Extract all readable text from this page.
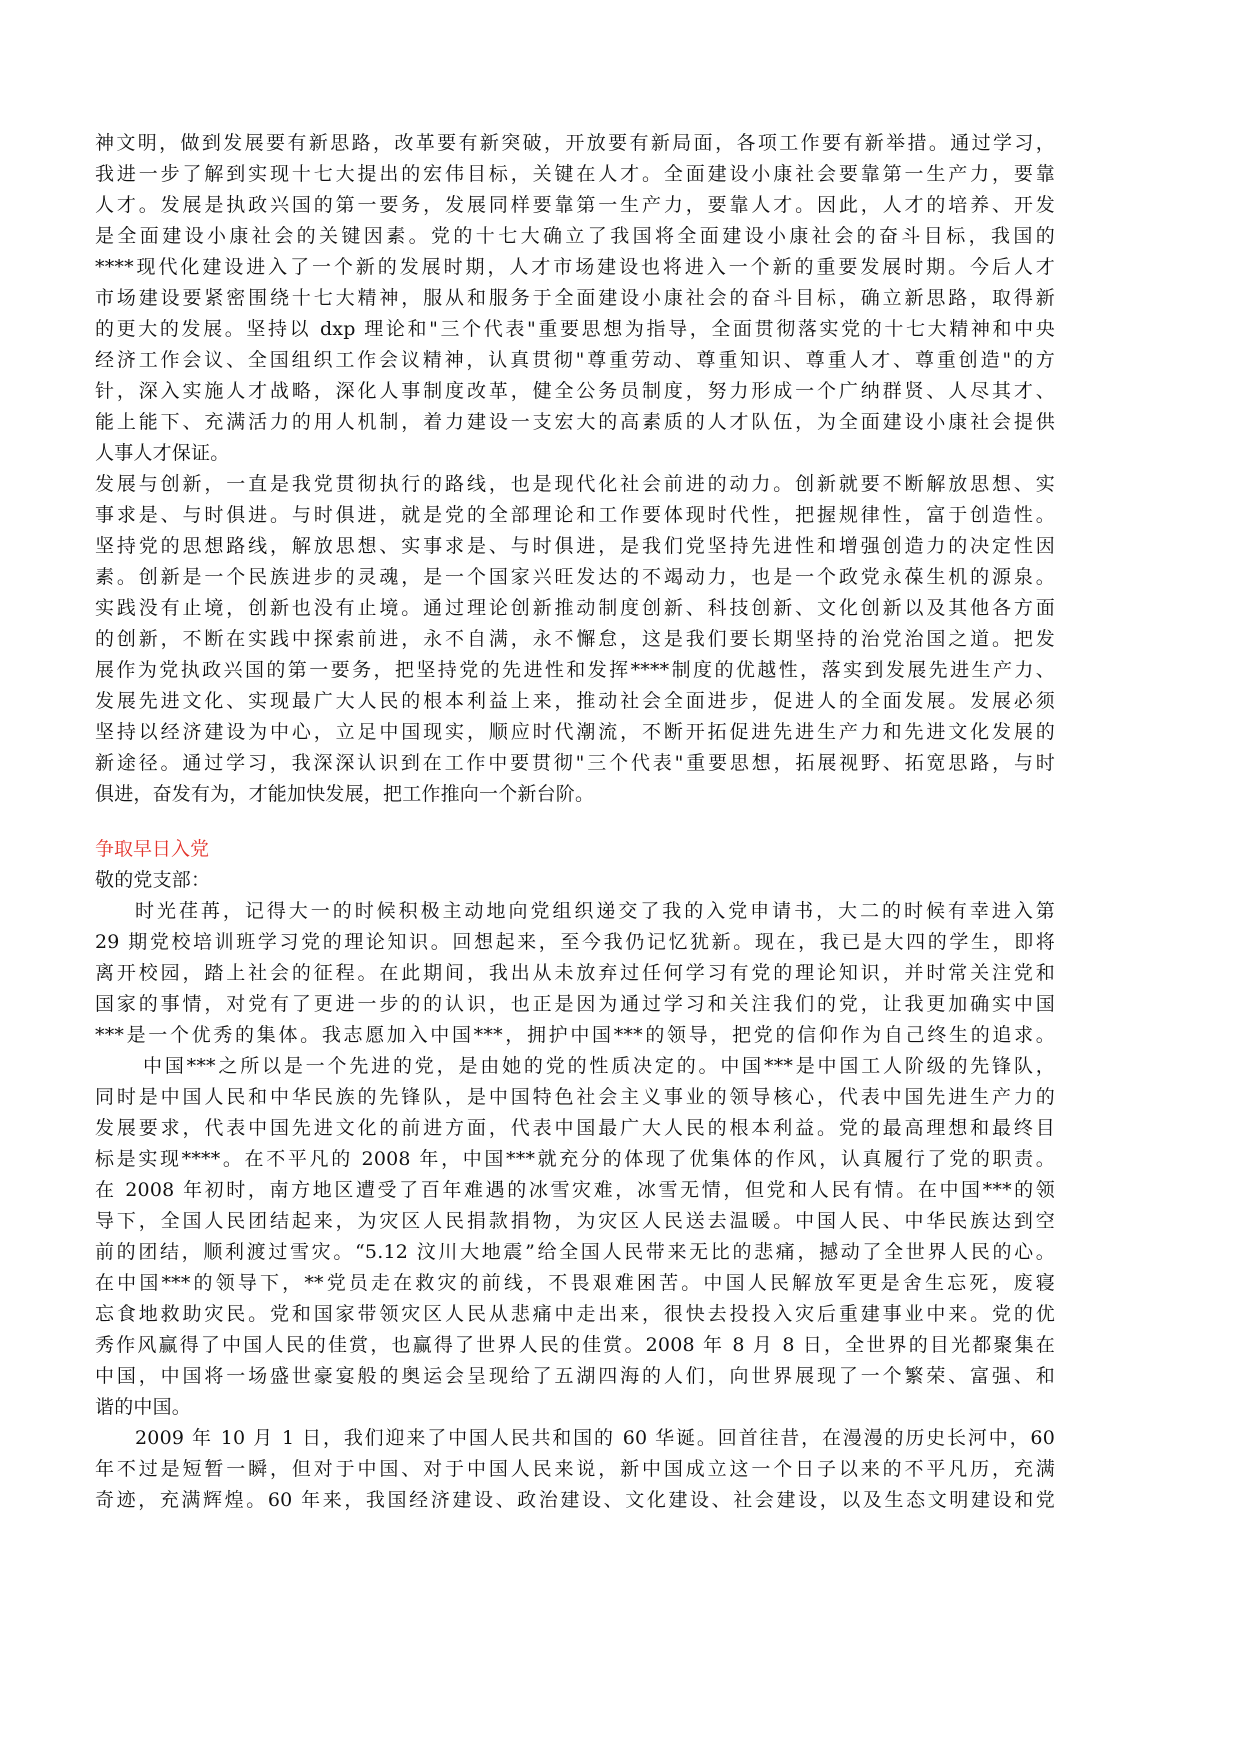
神文明，做到发展要有新思路，改革要有新突破，开放要有新局面，各项工作要有新举措。通过学习，
我进一步了解到实现十七大提出的宏伟目标，关键在人才。全面建设小康社会要靠第一生产力，要靠
人才。发展是执政兴国的第一要务，发展同样要靠第一生产力，要靠人才。因此，人才的培养、开发
是全面建设小康社会的关键因素。党的十七大确立了我国将全面建设小康社会的奋斗目标，我国的
****现代化建设进入了一个新的发展时期，人才市场建设也将进入一个新的重要发展时期。今后人才
市场建设要紧密围绕十七大精神，服从和服务于全面建设小康社会的奋斗目标，确立新思路，取得新
的更大的发展。坚持以 dxp 理论和"三个代表"重要思想为指导，全面贯彻落实党的十七大精神和中央
经济工作会议、全国组织工作会议精神，认真贯彻"尊重劳动、尊重知识、尊重人才、尊重创造"的方
针，深入实施人才战略，深化人事制度改革，健全公务员制度，努力形成一个广纳群贤、人尽其才、
能上能下、充满活力的用人机制，着力建设一支宏大的高素质的人才队伍，为全面建设小康社会提供
人事人才保证。
发展与创新，一直是我党贯彻执行的路线，也是现代化社会前进的动力。创新就要不断解放思想、实
事求是、与时俱进。与时俱进，就是党的全部理论和工作要体现时代性，把握规律性，富于创造性。
坚持党的思想路线，解放思想、实事求是、与时俱进，是我们党坚持先进性和增强创造力的决定性因
素。创新是一个民族进步的灵魂，是一个国家兴旺发达的不竭动力，也是一个政党永葆生机的源泉。
实践没有止境，创新也没有止境。通过理论创新推动制度创新、科技创新、文化创新以及其他各方面
的创新，不断在实践中探索前进，永不自满，永不懈怠，这是我们要长期坚持的治党治国之道。把发
展作为党执政兴国的第一要务，把坚持党的先进性和发挥****制度的优越性，落实到发展先进生产力、
发展先进文化、实现最广大人民的根本利益上来，推动社会全面进步，促进人的全面发展。发展必须
坚持以经济建设为中心，立足中国现实，顺应时代潮流，不断开拓促进先进生产力和先进文化发展的
新途径。通过学习，我深深认识到在工作中要贯彻"三个代表"重要思想，拓展视野、拓宽思路，与时
俱进，奋发有为，才能加快发展，把工作推向一个新台阶。
争取早日入党
敬的党支部：
时光荏苒，记得大一的时候积极主动地向党组织递交了我的入党申请书，大二的时候有幸进入第
29 期党校培训班学习党的理论知识。回想起来，至今我仍记忆犹新。现在，我已是大四的学生，即将
离开校园，踏上社会的征程。在此期间，我出从未放弃过任何学习有党的理论知识，并时常关注党和
国家的事情，对党有了更进一步的的认识，也正是因为通过学习和关注我们的党，让我更加确实中国
***是一个优秀的集体。我志愿加入中国***，拥护中国***的领导，把党的信仰作为自己终生的追求。
中国***之所以是一个先进的党，是由她的党的性质决定的。中国***是中国工人阶级的先锋队，
同时是中国人民和中华民族的先锋队，是中国特色社会主义事业的领导核心，代表中国先进生产力的
发展要求，代表中国先进文化的前进方面，代表中国最广大人民的根本利益。党的最高理想和最终目
标是实现****。在不平凡的 2008 年，中国***就充分的体现了优集体的作风，认真履行了党的职责。
在 2008 年初时，南方地区遭受了百年难遇的冰雪灾难，冰雪无情，但党和人民有情。在中国***的领
导下，全国人民团结起来，为灾区人民捐款捐物，为灾区人民送去温暖。中国人民、中华民族达到空
前的团结，顺利渡过雪灾。“5.12 汶川大地震”给全国人民带来无比的悲痛，撼动了全世界人民的心。
在中国***的领导下，**党员走在救灾的前线，不畏艰难困苦。中国人民解放军更是舍生忘死，废寝
忘食地救助灾民。党和国家带领灾区人民从悲痛中走出来，很快去投投入灾后重建事业中来。党的优
秀作风赢得了中国人民的佳赏，也赢得了世界人民的佳赏。2008 年 8 月 8 日，全世界的目光都聚集在
中国，中国将一场盛世豪宴般的奥运会呈现给了五湖四海的人们，向世界展现了一个繁荣、富强、和
谐的中国。
2009 年 10 月 1 日，我们迎来了中国人民共和国的 60 华诞。回首往昔，在漫漫的历史长河中，60
年不过是短暂一瞬，但对于中国、对于中国人民来说，新中国成立这一个日子以来的不平凡历，充满
奇迹，充满辉煌。60 年来，我国经济建设、政治建设、文化建设、社会建设，以及生态文明建设和党
